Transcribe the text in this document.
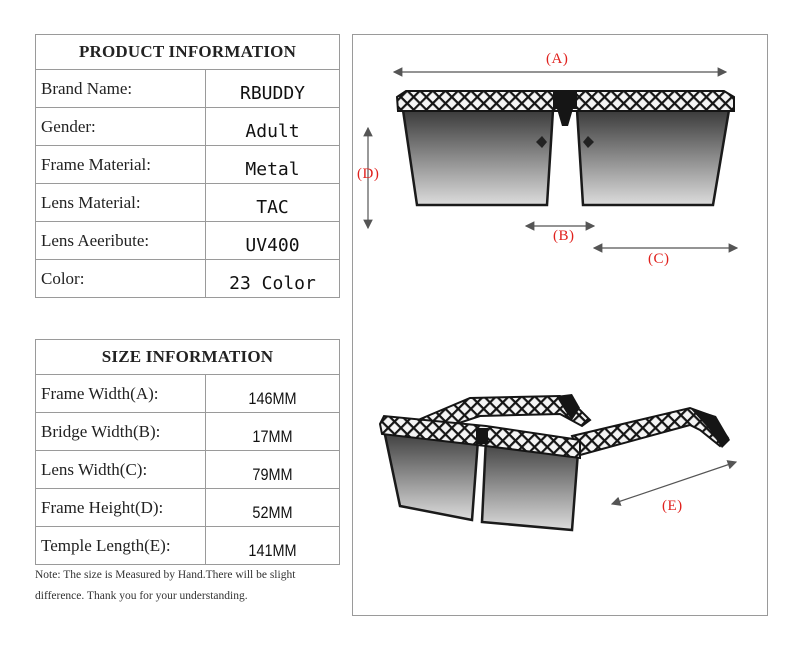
PRODUCT INFORMATION
Brand Name:	RBUDDY
Gender:	Adult
Frame Material:	Metal
Lens Material:	TAC
Lens Aeeribute:	UV400
Color:	23 Color
SIZE INFORMATION
Frame Width(A):	146MM
Bridge Width(B):	17MM
Lens Width(C):	79MM
Frame Height(D):	52MM
Temple Length(E):	141MM
Note: The size is Measured by Hand.There will be slight
difference. Thank you for your understanding.
(A)
(D)
(B)
(C)
(E)
